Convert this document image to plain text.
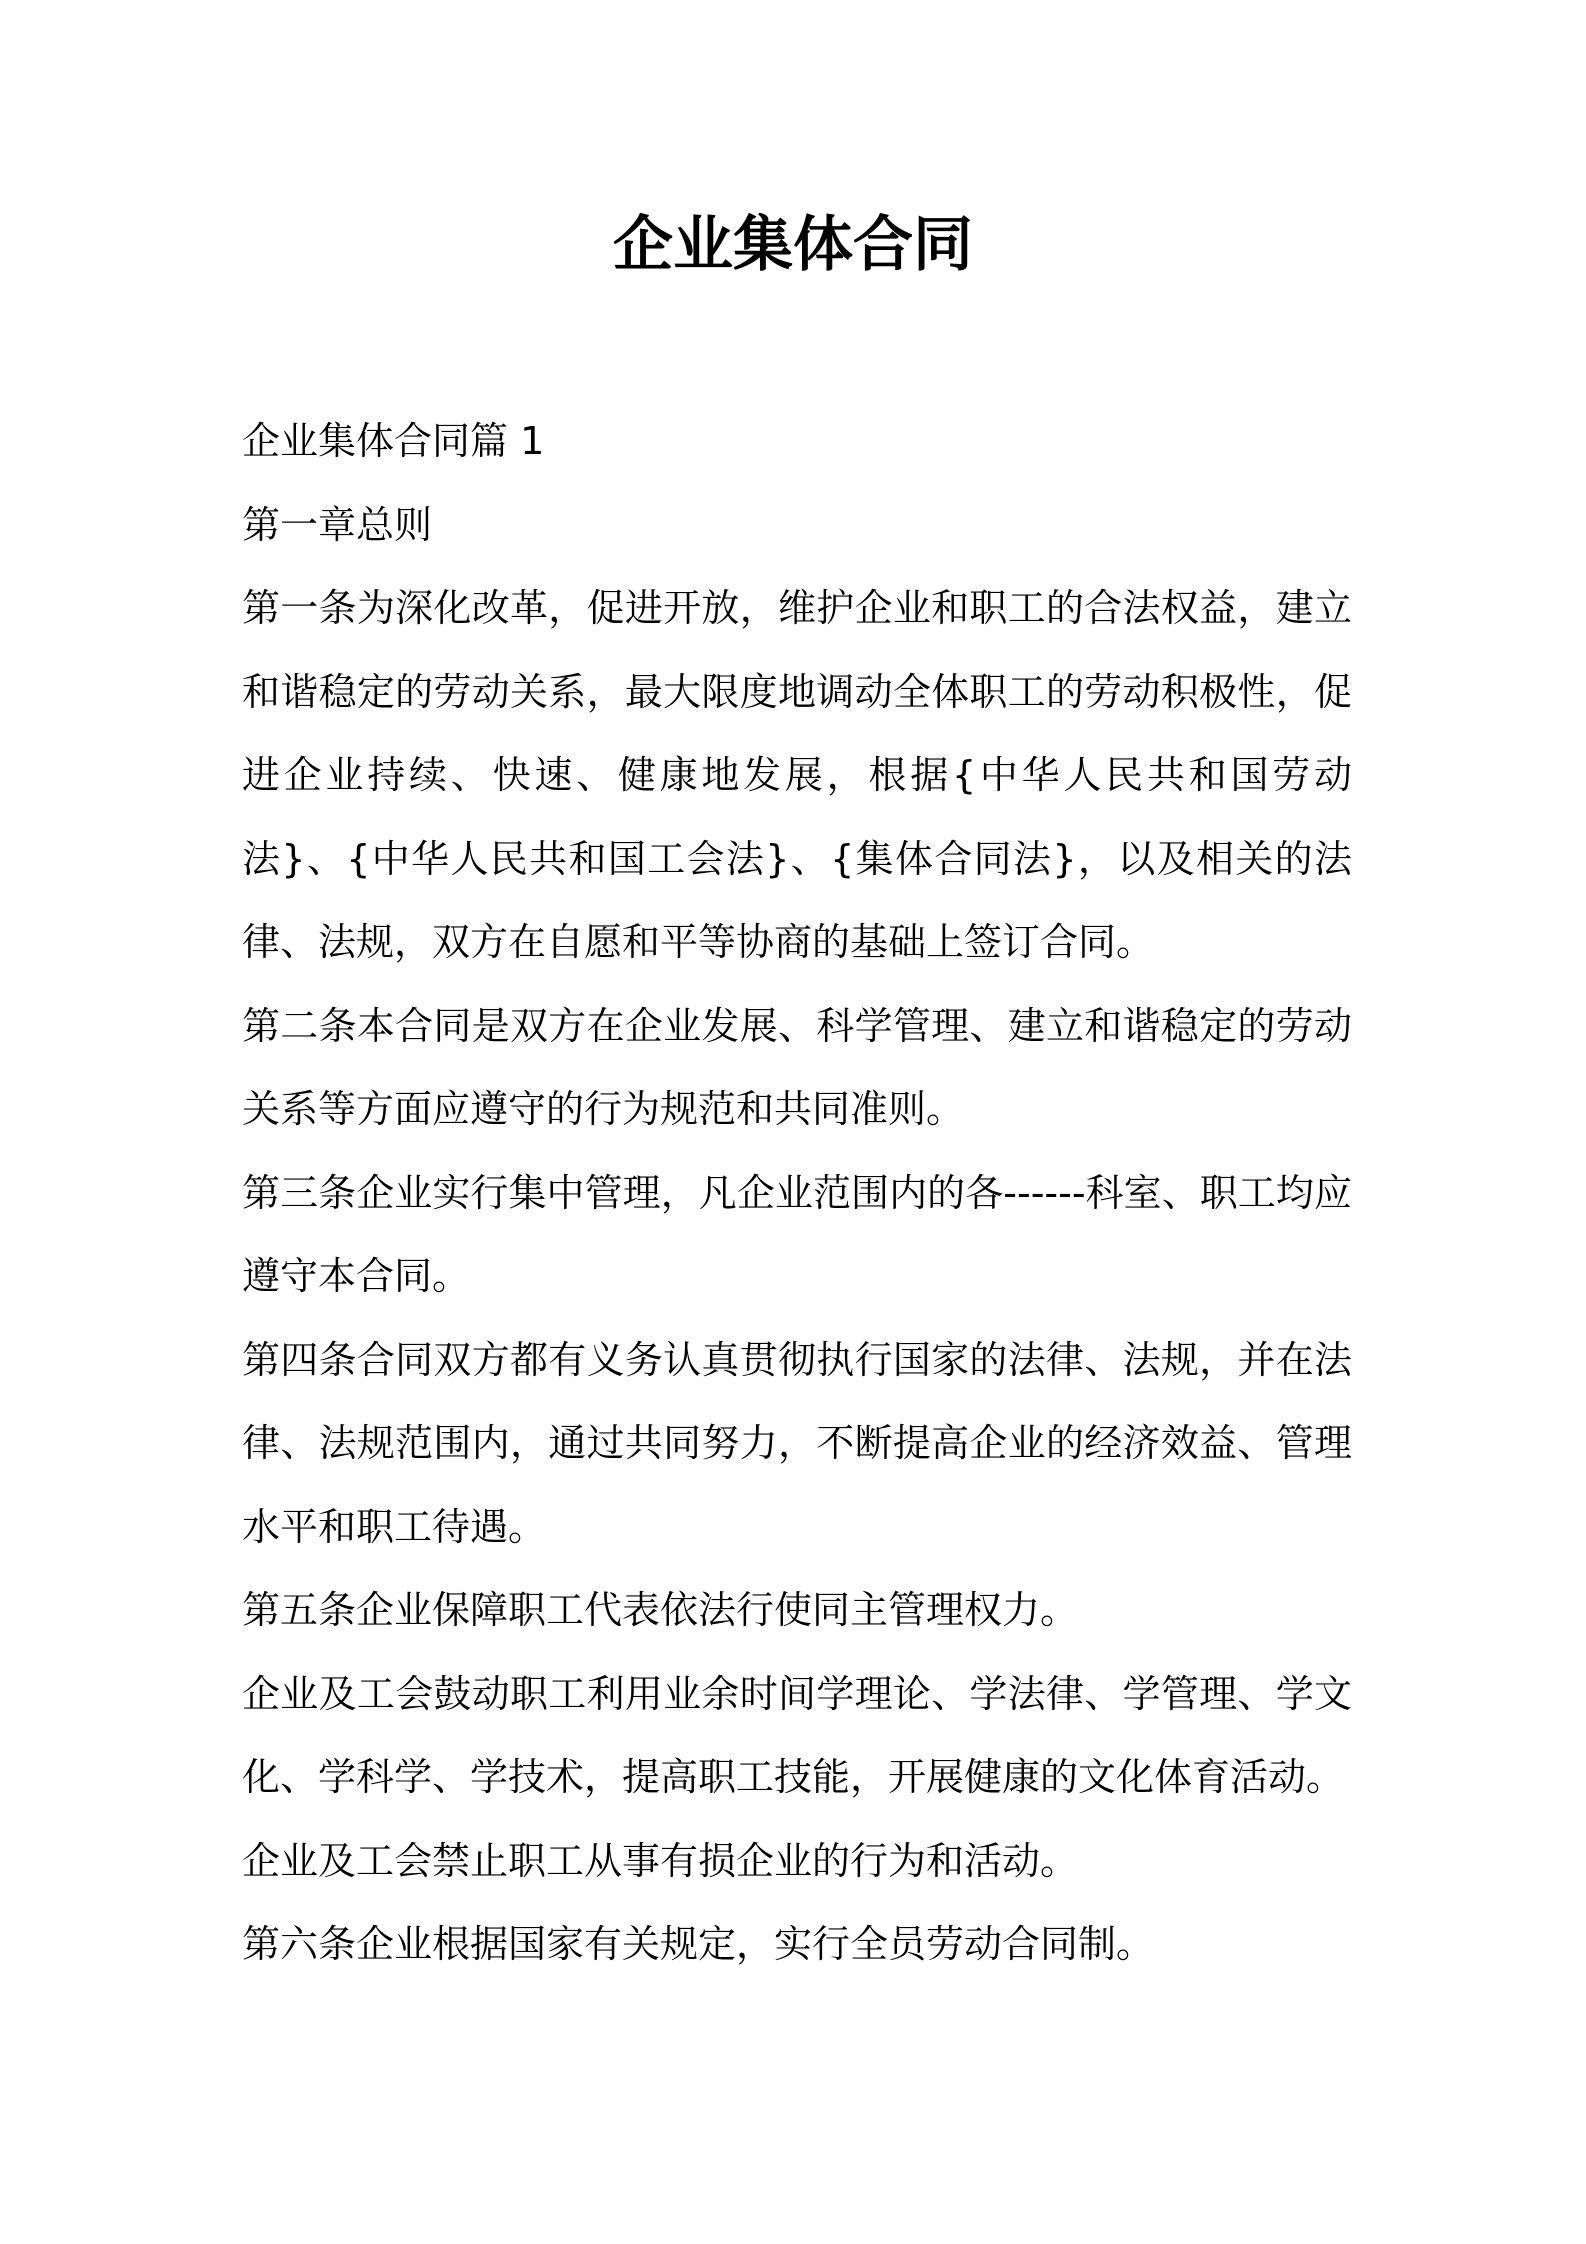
企业集体合同

企业集体合同篇 1

第一章总则

第一条为深化改革，促进开放，维护企业和职工的合法权益，建立和谐稳定的劳动关系，最大限度地调动全体职工的劳动积极性，促进企业持续、快速、健康地发展，根据{中华人民共和国劳动法}、{中华人民共和国工会法}、{集体合同法}，以及相关的法律、法规，双方在自愿和平等协商的基础上签订合同。

第二条本合同是双方在企业发展、科学管理、建立和谐稳定的劳动关系等方面应遵守的行为规范和共同准则。

第三条企业实行集中管理，凡企业范围内的各------科室、职工均应遵守本合同。

第四条合同双方都有义务认真贯彻执行国家的法律、法规，并在法律、法规范围内，通过共同努力，不断提高企业的经济效益、管理水平和职工待遇。

第五条企业保障职工代表依法行使同主管理权力。

企业及工会鼓动职工利用业余时间学理论、学法律、学管理、学文化、学科学、学技术，提高职工技能，开展健康的文化体育活动。

企业及工会禁止职工从事有损企业的行为和活动。

第六条企业根据国家有关规定，实行全员劳动合同制。
